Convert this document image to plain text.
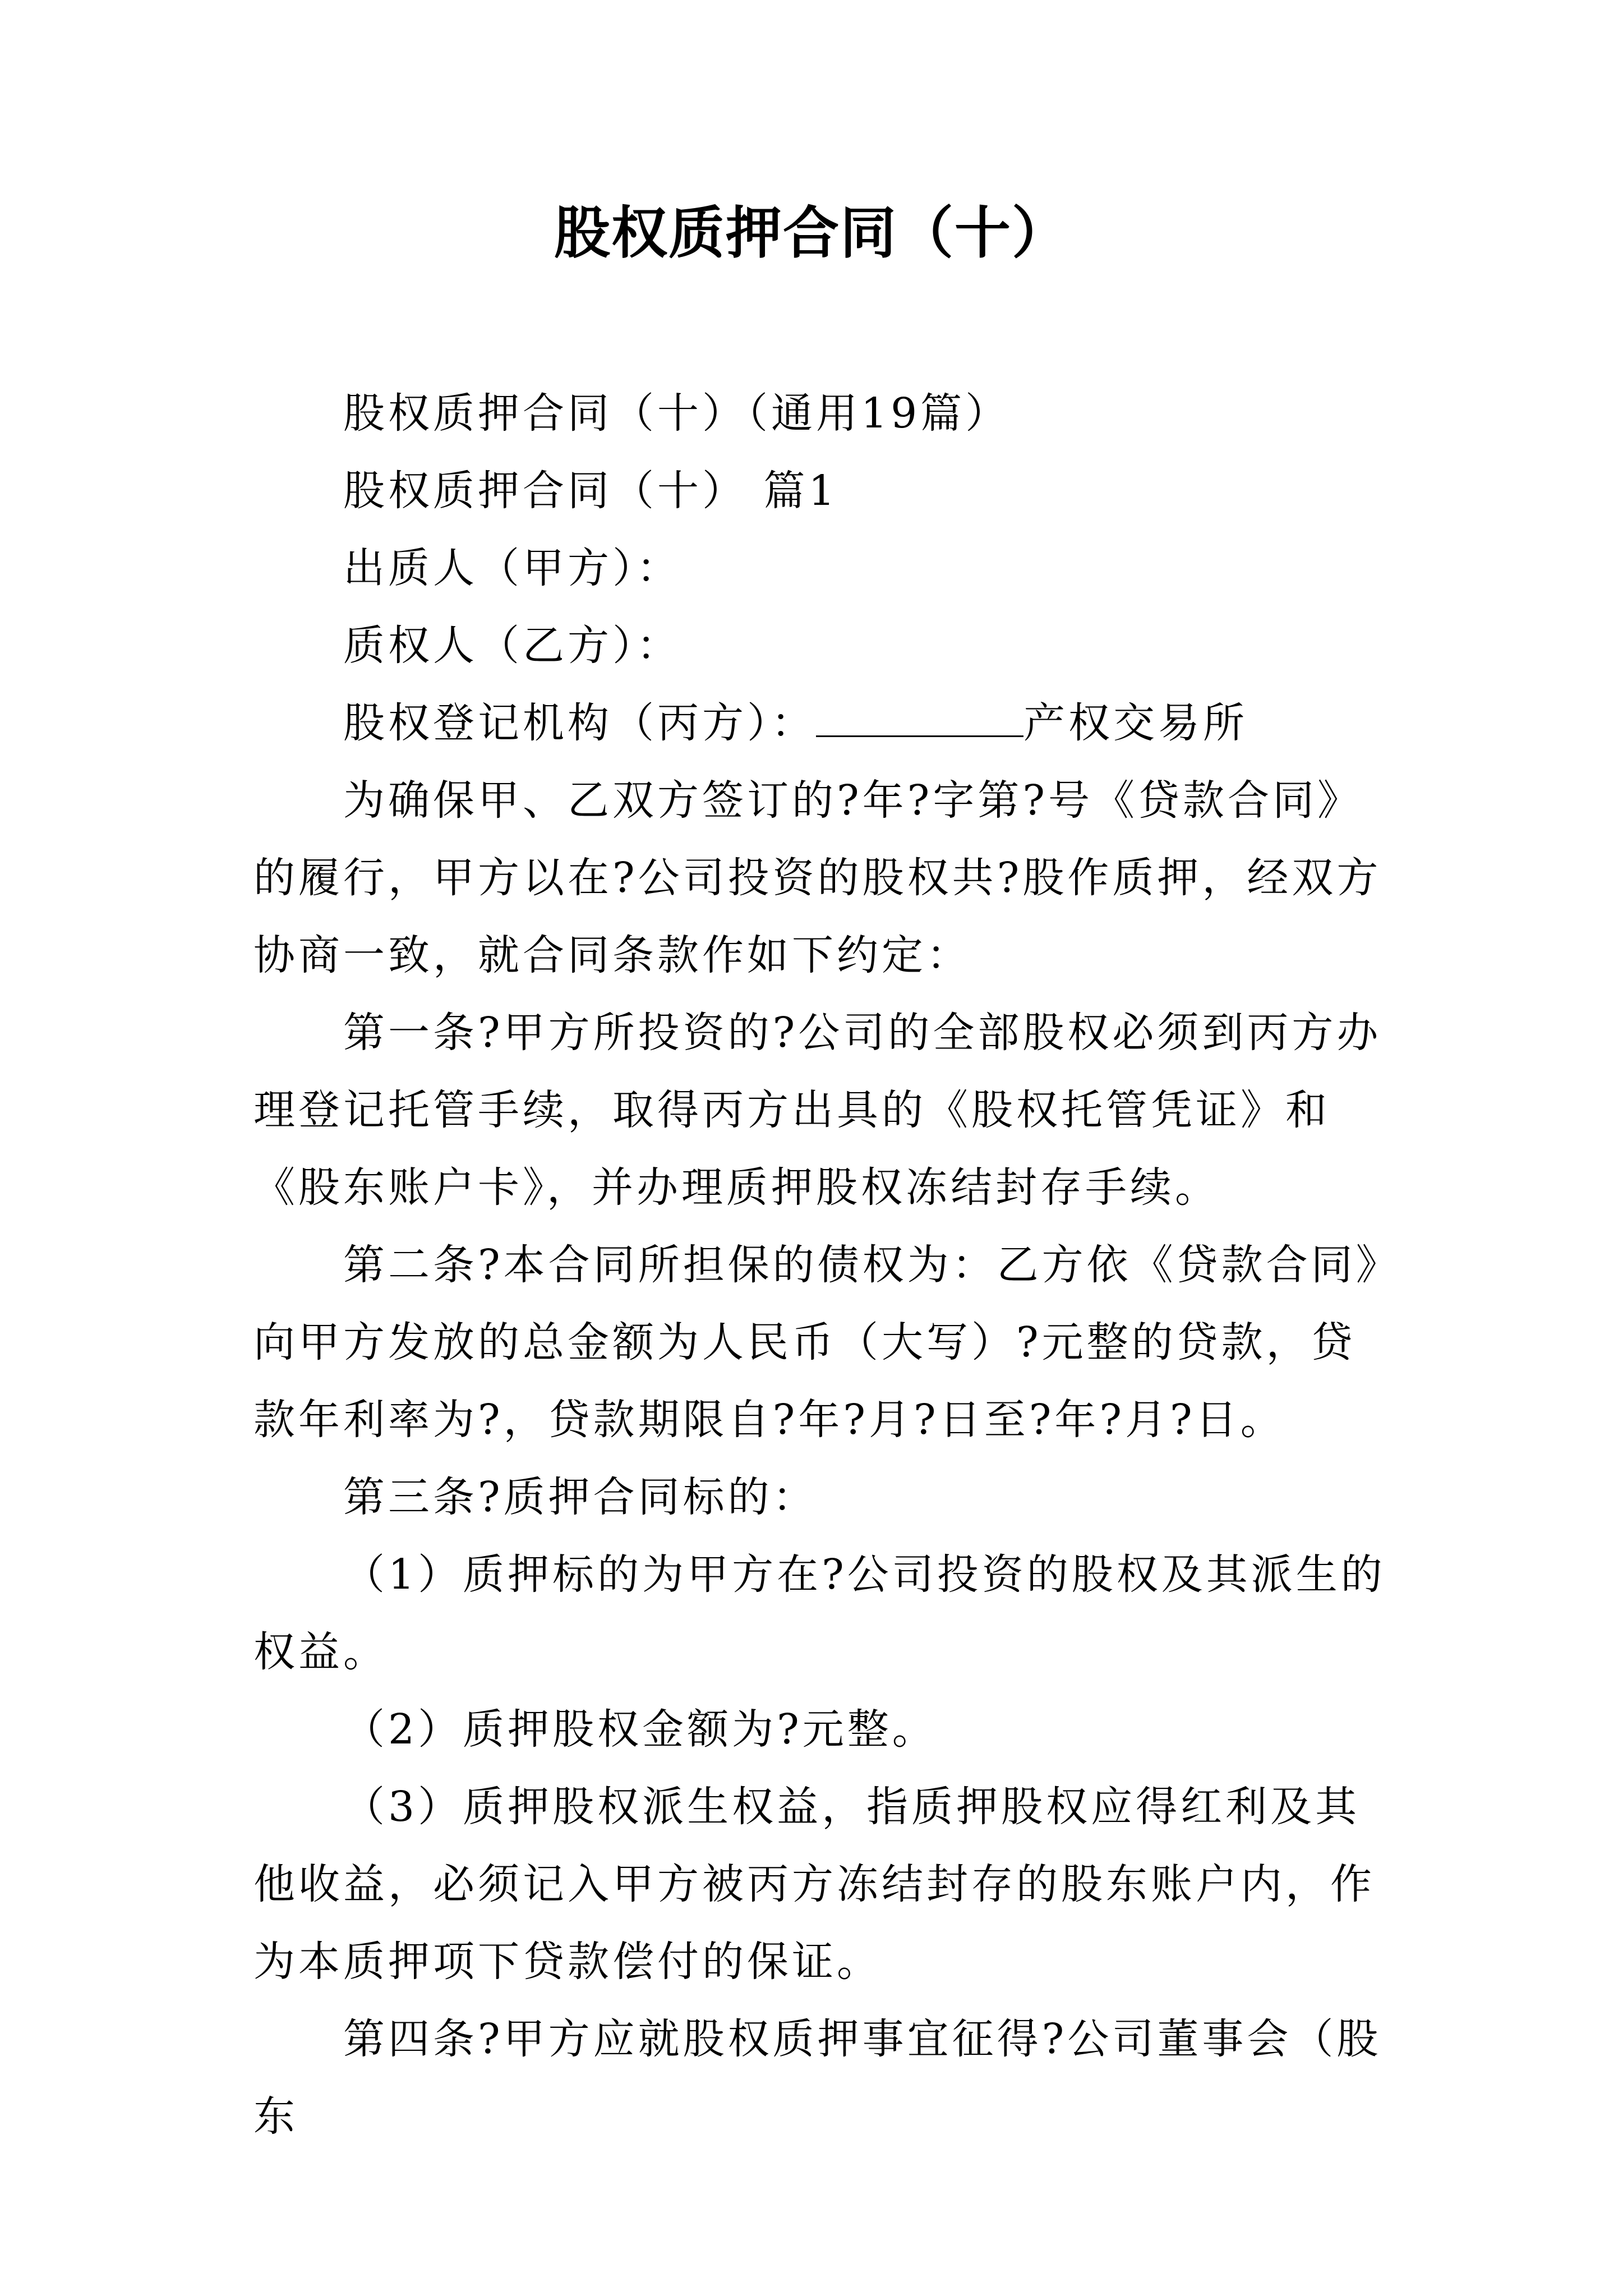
股权质押合同（十）

股权质押合同（十）（通用19篇）

股权质押合同（十） 篇1

出质人（甲方）：

质权人（乙方）：

股权登记机构（丙方）：	产权交易所

为确保甲、乙双方签订的?年?字第?号《贷款合同》的履行，甲方以在?公司投资的股权共?股作质押，经双方协商一致，就合同条款作如下约定：

第一条?甲方所投资的?公司的全部股权必须到丙方办理登记托管手续，取得丙方出具的《股权托管凭证》和《股东账户卡》，并办理质押股权冻结封存手续。

第二条?本合同所担保的债权为：乙方依《贷款合同》向甲方发放的总金额为人民币（大写）?元整的贷款，贷款年利率为?，贷款期限自?年?月?日至?年?月?日。

第三条?质押合同标的：

（1）质押标的为甲方在?公司投资的股权及其派生的权益。

（2）质押股权金额为?元整。

（3）质押股权派生权益，指质押股权应得红利及其他收益，必须记入甲方被丙方冻结封存的股东账户内，作为本质押项下贷款偿付的保证。

第四条?甲方应就股权质押事宜征得?公司董事会（股东
